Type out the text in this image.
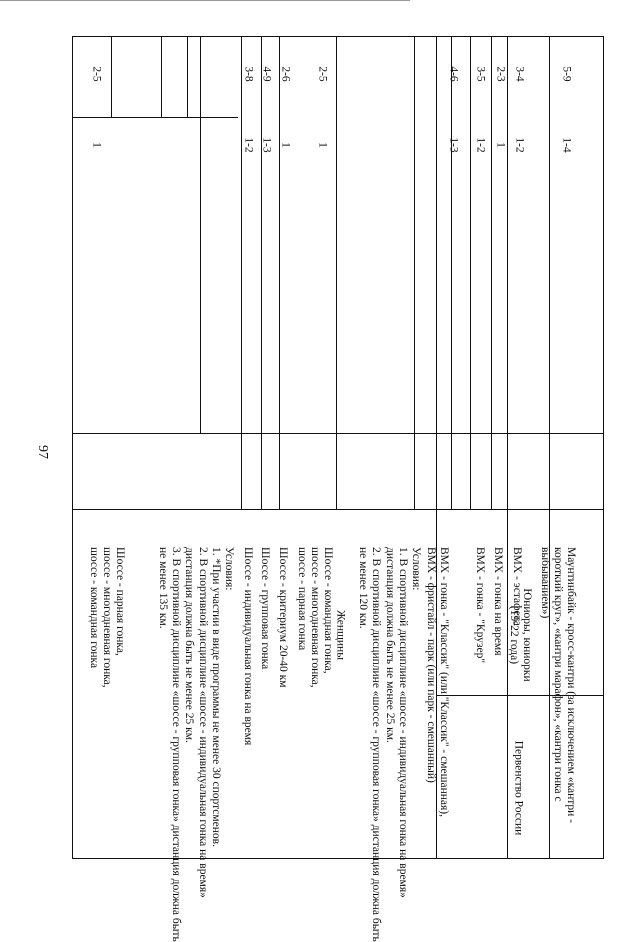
97
Шоссе - парная гонка,
шоссе - многодневная гонка,
шоссе - командная гонка
1
2-5
Условия:
1. *При участии в виде программы не менее 30 спортсменов.
2. В спортивной дисциплине «шоссе - индивидуальная гонка на время»
дистанция должна быть не менее 25 км.
3. В спортивной дисциплине «шоссе - групповая гонка» дистанция должна быть
не менее 135 км.
Женщины
Шоссе - индивидуальная гонка на время
1-2
3-8
Шоссе - групповая гонка
1-3
4-9
Шоссе - критериум 20-40 км
1
2-6
Шоссе - командная гонка,
шоссе - многодневная гонка,
шоссе - парная гонка
1
2-5
Условия:
1. В спортивной дисциплине «шоссе - индивидуальная гонка на время»
дистанция должна быть не менее 25 км.
2. В спортивной дисциплине «шоссе - групповая гонка» дистанция должна быть
не менее 120 км.
Первенство России
Юниоры, юниорки
(19-22 года)
BMX - гонка - "Классик" (или "Классик" - смешанная),
BMX - фристайл - парк (или парк - смешанный)
1-3
4-6
BMX - гонка - "Крузер"
1-2
3-5
BMX - гонка на время
1
2-3
BMX - эстафета
1-2
3-4
Маунтинбайк - кросс-кантри (за исключением «кантри -
короткий круг», «кантри марафон», «кантри гонка с
выбыванием»)
1-4
5-9
